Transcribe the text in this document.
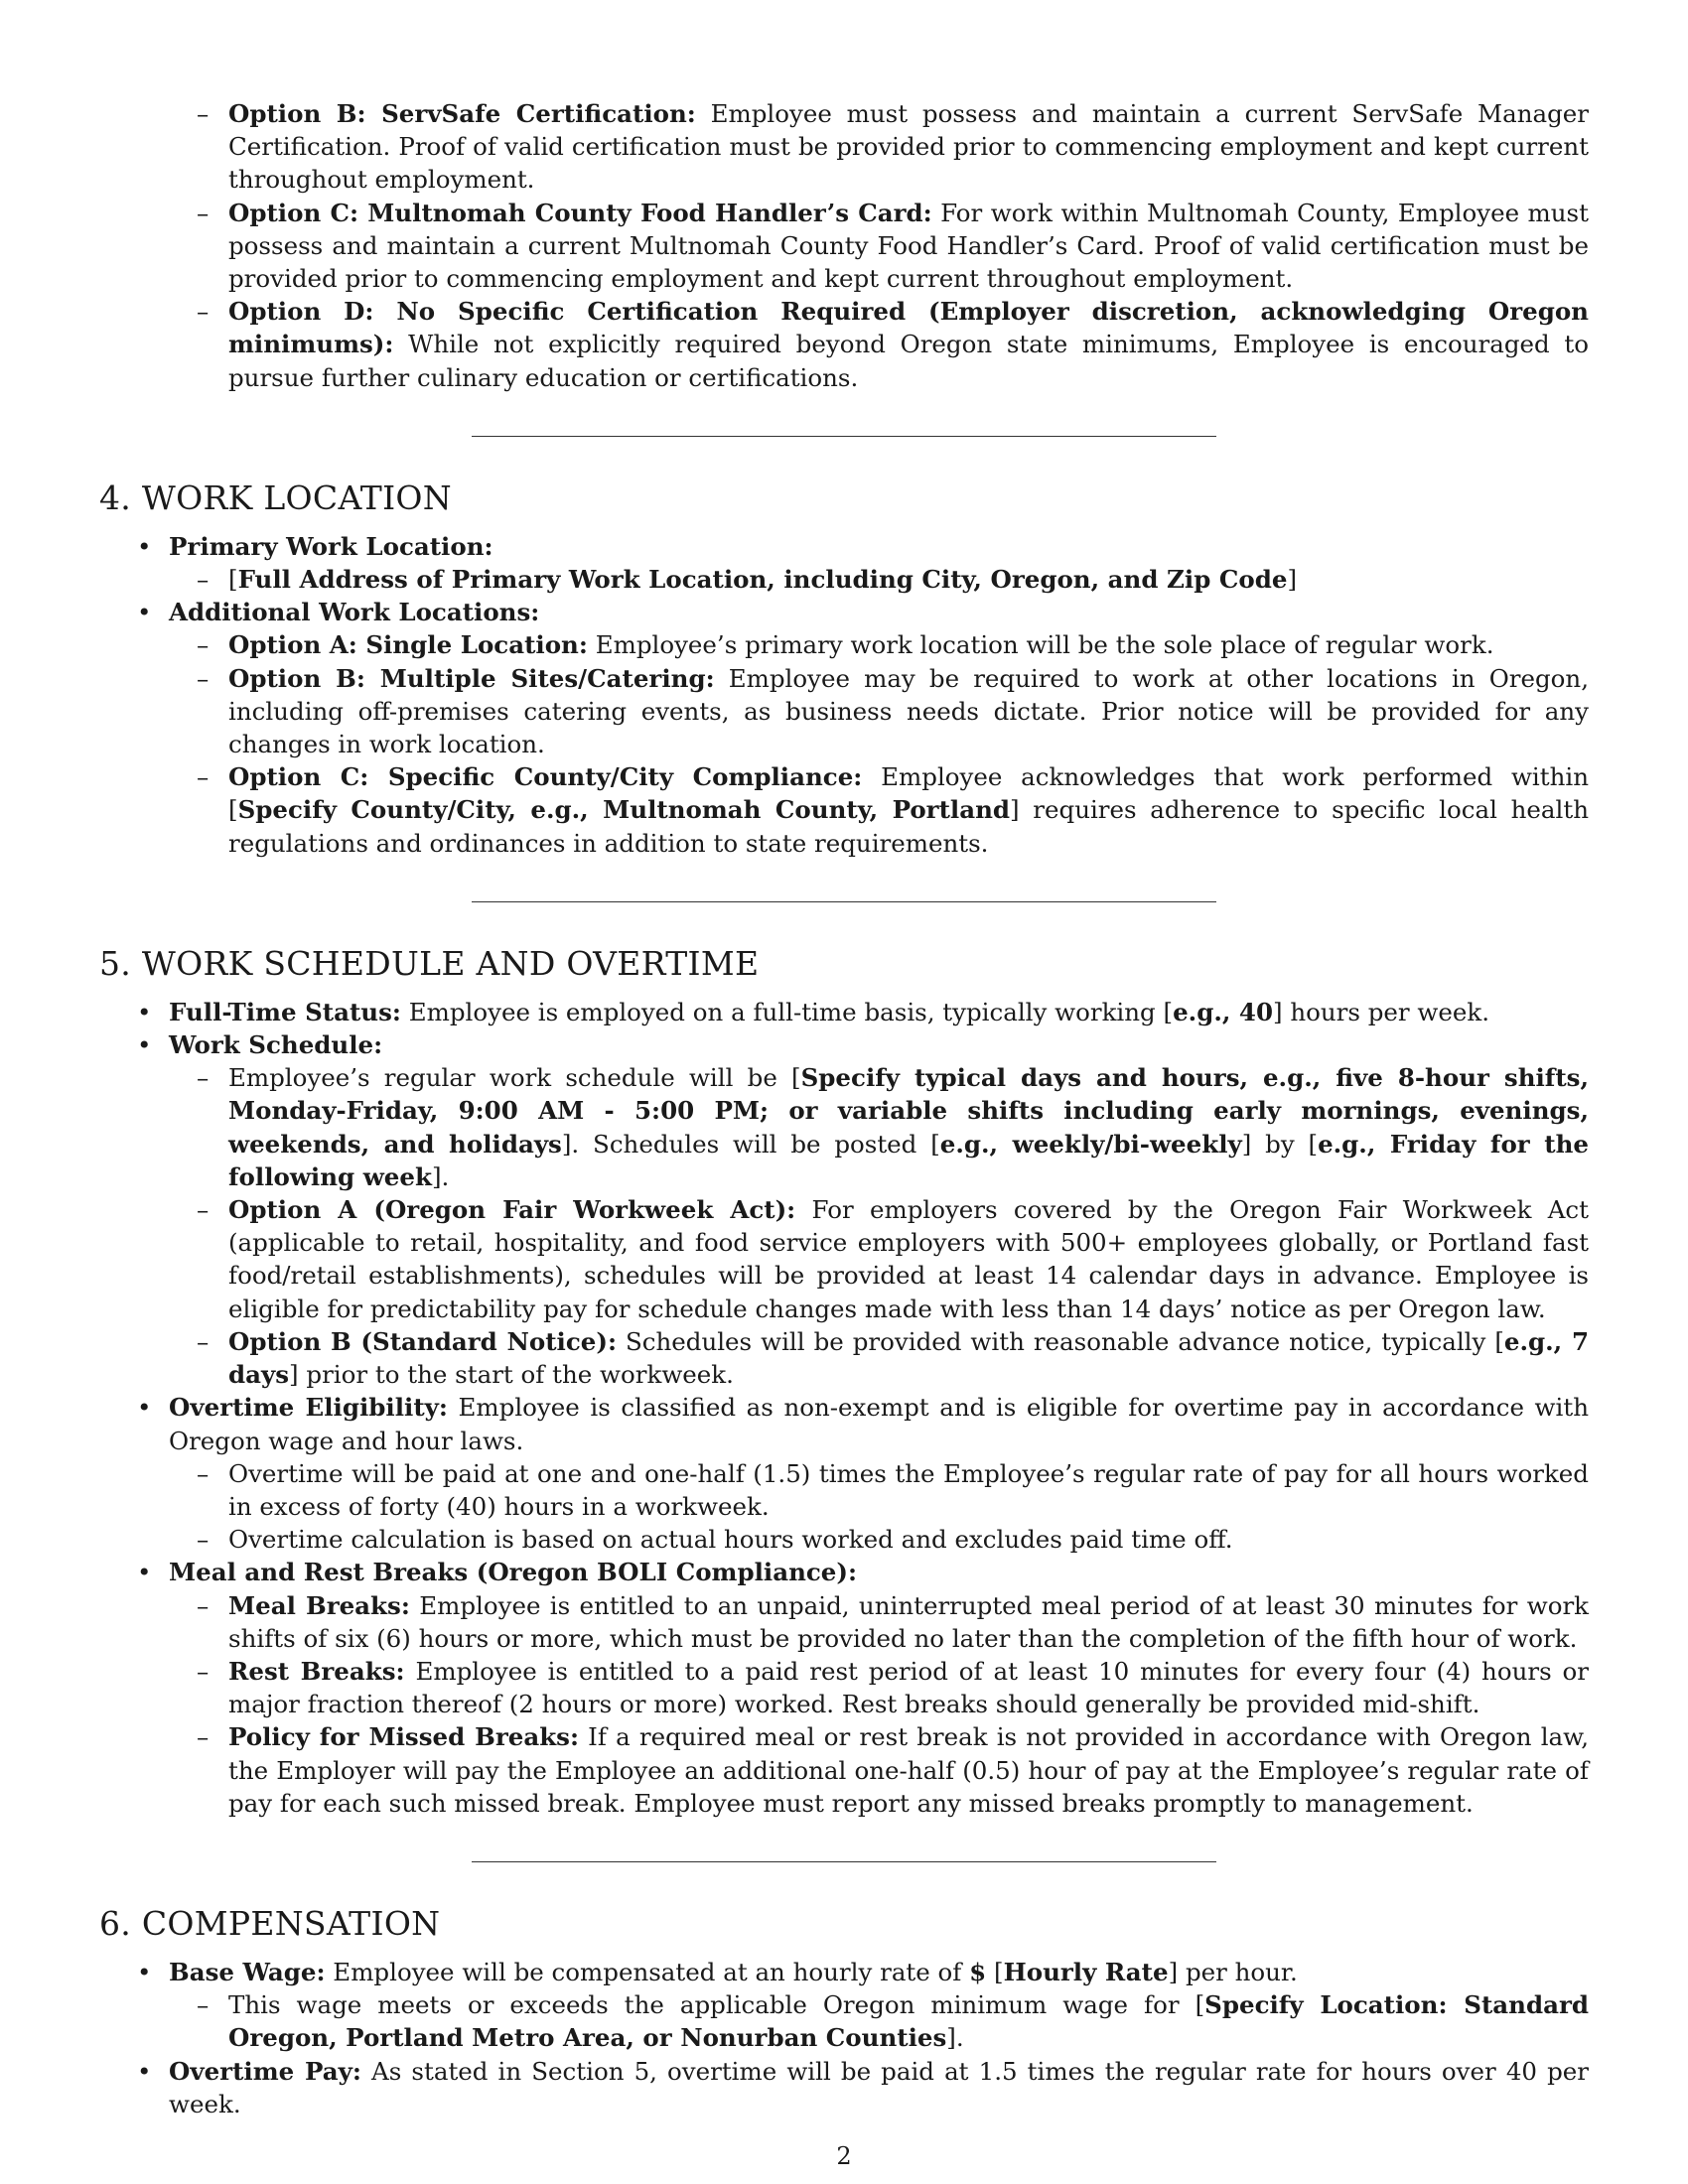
– Option B: ServSafe Certification: Employee must possess and maintain a current ServSafe Manager Certification. Proof of valid certification must be provided prior to commencing employment and kept current throughout employment.
– Option C: Multnomah County Food Handler’s Card: For work within Multnomah County, Employee must possess and maintain a current Multnomah County Food Handler’s Card. Proof of valid certification must be provided prior to commencing employment and kept current throughout employment.
– Option D: No Specific Certification Required (Employer discretion, acknowledging Oregon minimums): While not explicitly required beyond Oregon state minimums, Employee is encouraged to pursue further culinary education or certifications.
4. WORK LOCATION
• Primary Work Location:
– [Full Address of Primary Work Location, including City, Oregon, and Zip Code]
• Additional Work Locations:
– Option A: Single Location: Employee’s primary work location will be the sole place of regular work.
– Option B: Multiple Sites/Catering: Employee may be required to work at other locations in Oregon, including off-premises catering events, as business needs dictate. Prior notice will be provided for any changes in work location.
– Option C: Specific County/City Compliance: Employee acknowledges that work performed within [Specify County/City, e.g., Multnomah County, Portland] requires adherence to specific local health regulations and ordinances in addition to state requirements.
5. WORK SCHEDULE AND OVERTIME
• Full-Time Status: Employee is employed on a full-time basis, typically working [e.g., 40] hours per week.
• Work Schedule:
– Employee’s regular work schedule will be [Specify typical days and hours, e.g., five 8-hour shifts, Monday-Friday, 9:00 AM - 5:00 PM; or variable shifts including early mornings, evenings, weekends, and holidays]. Schedules will be posted [e.g., weekly/bi-weekly] by [e.g., Friday for the following week].
– Option A (Oregon Fair Workweek Act): For employers covered by the Oregon Fair Workweek Act (applicable to retail, hospitality, and food service employers with 500+ employees globally, or Portland fast food/retail establishments), schedules will be provided at least 14 calendar days in advance. Employee is eligible for predictability pay for schedule changes made with less than 14 days’ notice as per Oregon law.
– Option B (Standard Notice): Schedules will be provided with reasonable advance notice, typically [e.g., 7 days] prior to the start of the workweek.
• Overtime Eligibility: Employee is classified as non-exempt and is eligible for overtime pay in accordance with Oregon wage and hour laws.
– Overtime will be paid at one and one-half (1.5) times the Employee’s regular rate of pay for all hours worked in excess of forty (40) hours in a workweek.
– Overtime calculation is based on actual hours worked and excludes paid time off.
• Meal and Rest Breaks (Oregon BOLI Compliance):
– Meal Breaks: Employee is entitled to an unpaid, uninterrupted meal period of at least 30 minutes for work shifts of six (6) hours or more, which must be provided no later than the completion of the fifth hour of work.
– Rest Breaks: Employee is entitled to a paid rest period of at least 10 minutes for every four (4) hours or major fraction thereof (2 hours or more) worked. Rest breaks should generally be provided mid-shift.
– Policy for Missed Breaks: If a required meal or rest break is not provided in accordance with Oregon law, the Employer will pay the Employee an additional one-half (0.5) hour of pay at the Employee’s regular rate of pay for each such missed break. Employee must report any missed breaks promptly to management.
6. COMPENSATION
• Base Wage: Employee will be compensated at an hourly rate of $ [Hourly Rate] per hour.
– This wage meets or exceeds the applicable Oregon minimum wage for [Specify Location: Standard Oregon, Portland Metro Area, or Nonurban Counties].
• Overtime Pay: As stated in Section 5, overtime will be paid at 1.5 times the regular rate for hours over 40 per week.
2
